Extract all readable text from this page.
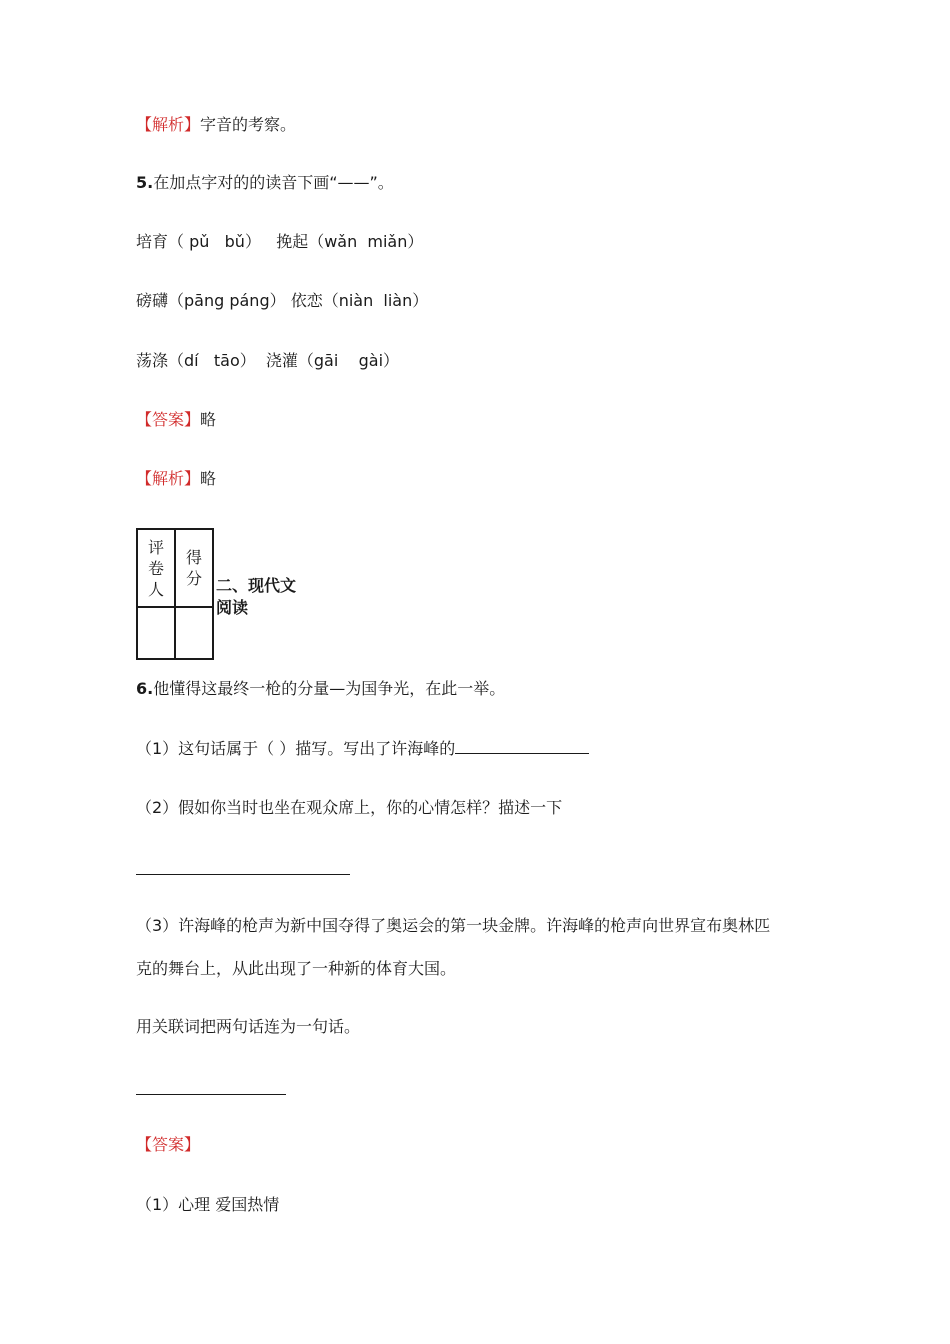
【解析】字音的考察。
5.在加点字对的的读音下画“——”。
培育（ pǔ   bǔ）   挽起（wǎn  miǎn）
磅礴（pāng páng） 依恋（niàn  liàn）
荡涤（dí   tāo）  浇灌（gāi    gài）
【答案】略
【解析】略
评卷人	得分

	二、现代文阅读
6.他懂得这最终一枪的分量—为国争光，在此一举。
（1）这句话属于（ ）描写。写出了许海峰的
（2）假如你当时也坐在观众席上，你的心情怎样？描述一下
（3）许海峰的枪声为新中国夺得了奥运会的第一块金牌。许海峰的枪声向世界宣布奥林匹
克的舞台上，从此出现了一种新的体育大国。
用关联词把两句话连为一句话。
【答案】
（1）心理 爱国热情
